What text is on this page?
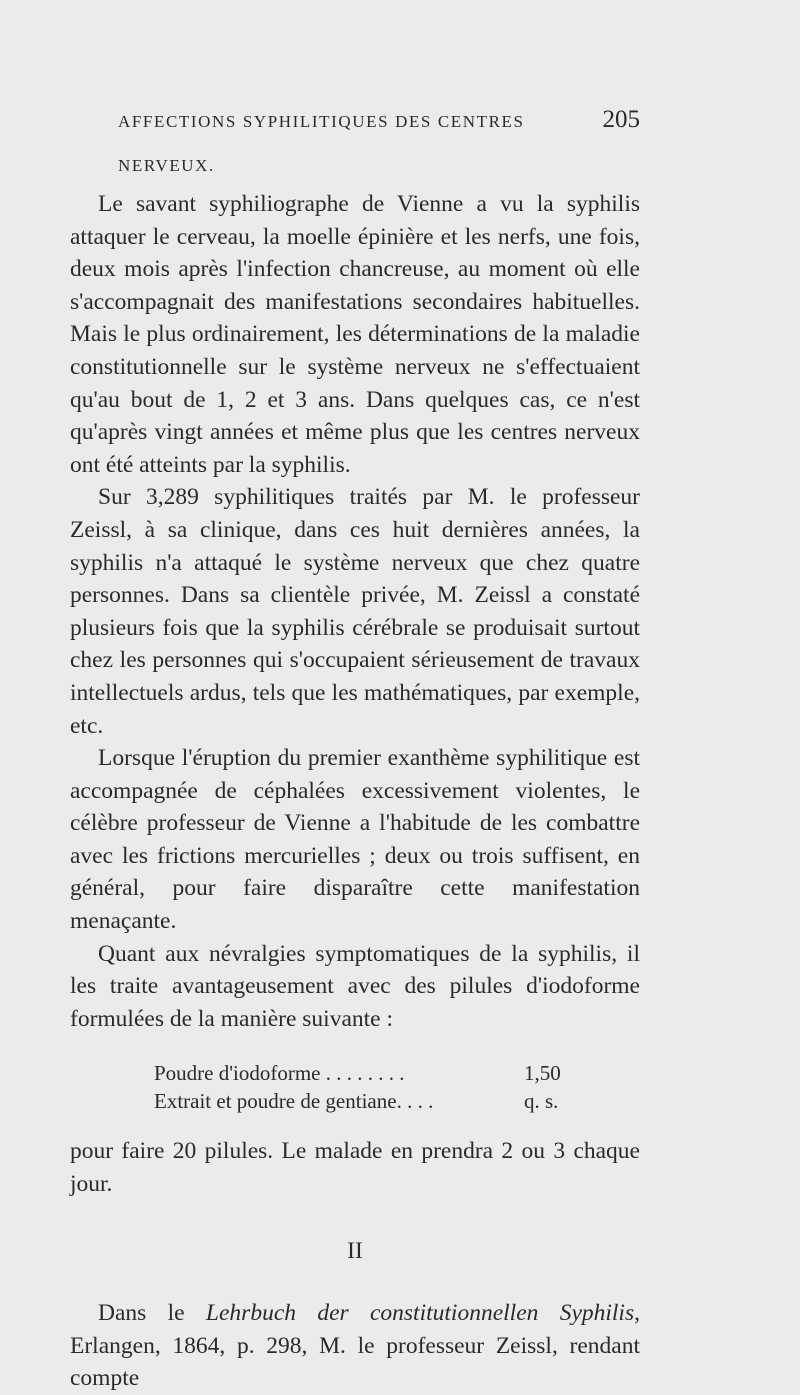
AFFECTIONS SYPHILITIQUES DES CENTRES NERVEUX.
205

Le savant syphiliographe de Vienne a vu la syphilis attaquer le cerveau, la moelle épinière et les nerfs, une fois, deux mois après l'infection chancreuse, au moment où elle s'accompagnait des manifestations secondaires habituelles. Mais le plus ordinairement, les déterminations de la maladie constitutionnelle sur le système nerveux ne s'effectuaient qu'au bout de 1, 2 et 3 ans. Dans quelques cas, ce n'est qu'après vingt années et même plus que les centres nerveux ont été atteints par la syphilis.

Sur 3,289 syphilitiques traités par M. le professeur Zeissl, à sa clinique, dans ces huit dernières années, la syphilis n'a attaqué le système nerveux que chez quatre personnes. Dans sa clientèle privée, M. Zeissl a constaté plusieurs fois que la syphilis cérébrale se produisait surtout chez les personnes qui s'occupaient sérieusement de travaux intellectuels ardus, tels que les mathématiques, par exemple, etc.

Lorsque l'éruption du premier exanthème syphilitique est accompagnée de céphalées excessivement violentes, le célèbre professeur de Vienne a l'habitude de les combattre avec les frictions mercurielles ; deux ou trois suffisent, en général, pour faire disparaître cette manifestation menaçante.

Quant aux névralgies symptomatiques de la syphilis, il les traite avantageusement avec des pilules d'iodoforme formulées de la manière suivante :

Poudre d'iodoforme . . . . . . . .	1,50
Extrait et poudre de gentiane. . . .	q. s.

pour faire 20 pilules. Le malade en prendra 2 ou 3 chaque jour.

II

Dans le Lehrbuch der constitutionnellen Syphilis, Erlangen, 1864, p. 298, M. le professeur Zeissl, rendant compte
